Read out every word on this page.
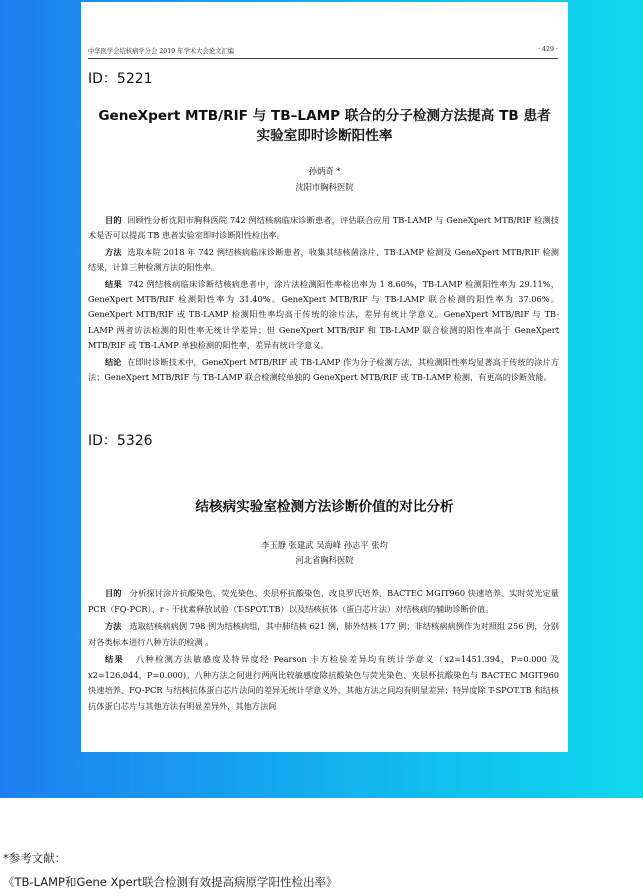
中华医学会结核病学分会 2019 年学术大会论文汇编	· 429 ·
ID：5221
GeneXpert MTB/RIF 与 TB–LAMP 联合的分子检测方法提高 TB 患者
实验室即时诊断阳性率
孙炳奇 *
沈阳市胸科医院

目的 回顾性分析沈阳市胸科医院 742 例结核病临床诊断患者，评估联合应用 TB-LAMP 与 GeneXpert MTB/RIF 检测技术是否可以提高 TB 患者实验室即时诊断阳性检出率。

方法 选取本院 2018 年 742 例结核病临床诊断患者，收集其结核菌涂片、TB-LAMP 检测及 GeneXpert MTB/RIF 检测结果，计算三种检测方法的阳性率。

结果 742 例结核病临床诊断结核病患者中，涂片法检测阳性率检出率为 1 8.60%，TB-LAMP 检测阳性率为 29.11%，GeneXpert MTB/RIF 检测阳性率为 31.40%。GeneXpert MTB/RIF 与 TB-LAMP 联合检测的阳性率为 37.06%。GeneXpert MTB/RIF 或 TB-LAMP 检测阳性率均高于传统的涂片法，差异有统计学意义。GeneXpert MTB/RIF 与 TB-LAMP 两者访法检测的阳性率无统计学差异；但 GeneXpert MTB/RIF 和 TB-LAMP 联合检测的阳性率高于 GeneXpert MTB/RIF 或 TB-LAMP 单独检测的阳性率，差异有统计学意义。

结论 在即时诊断技术中，GeneXpert MTB/RIF 或 TB-LAMP 作为分子检测方法，其检测阳性率均显著高于传统的涂片方法；GeneXpert MTB/RIF 与 TB-LAMP 联合检测较单独的 GeneXpert MTB/RIF 或 TB-LAMP 检测，有更高的诊断效能。

ID：5326
结核病实验室检测方法诊断价值的对比分析
李玉静 张建武 吴海峰 孙志平 张均
河北省胸科医院

目的 分析探讨涂片抗酸染色、荧光染色、夹层杯抗酸染色、改良罗氏培养、BACTEC MGIT960 快速培养、实时荧光定量 PCR（FQ-PCR）、r - 干扰素释放试验（T-SPOT.TB）以及结核抗体（蛋白芯片法）对结核病的辅助诊断价值。

方法 选取结核病病例 798 例为结核病组，其中肺结核 621 例，肺外结核 177 例；非结核病病例作为对照组 256 例，分别对各类标本进行八种方法的检测 。

结果 八种检测方法敏感度及特异度经 Pearson 卡方检验差异均有统计学意义（x2=1451.394，P=0.000 及 x2=126.044，P=0.000)。八种方法之间进行两两比较敏感度除抗酸染色与荧光染色、夹层杯抗酸染色与 BACTEC MGIT960 快速培养、FQ-PCR 与结核抗体蛋白芯片法间的差异无统计学意义外，其他方法之间均有明显差异；特异度除 T-SPOT.TB 和结核抗体蛋白芯片与其他方法有明显差异外，其他方法间

*参考文献：
《TB-LAMP和Gene Xpert联合检测有效提高病原学阳性检出率》
